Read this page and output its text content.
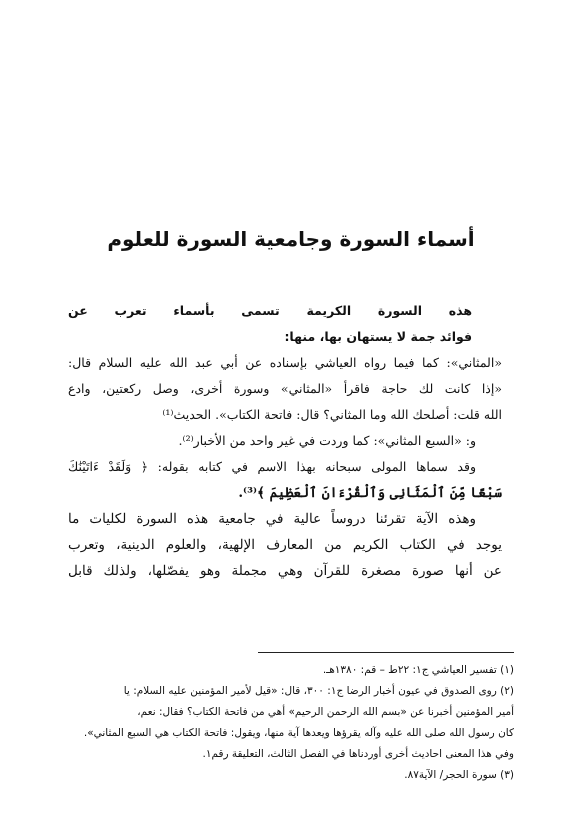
أسماء السورة وجامعية السورة للعلوم
هذه السورة الكريمة تسمى بأسماء تعرب عن
فوائد جمة لا يستهان بها، منها:
«المثاني»: كما فيما رواه العياشي بإسناده عن أبي عبد الله عليه السلام قال:
«إذا كانت لك حاجة فاقرأ «المثاني» وسورة أخرى، وصل ركعتين، وادع
الله قلت: أصلحك الله وما المثاني؟ قال: فاتحة الكتاب». الحديث⁽¹⁾
و: «السبع المثاني»: كما وردت في غير واحد من الأخبار⁽²⁾.
وقد سماها المولى سبحانه بهذا الاسم في كتابه بقوله: ﴿ وَلَقَدْ ءَاتَيْنَٰكَ
سَبْعًا مِّنَ ٱلْمَثَانِى وَٱلْقُرْءَانَ ٱلْعَظِيمَ ﴾⁽³⁾.
وهذه الآية تقرئنا دروساً عالية في جامعية هذه السورة لكليات ما
يوجد في الكتاب الكريم من المعارف الإلهية، والعلوم الدينية، وتعرب
عن أنها صورة مصغرة للقرآن وهي مجملة وهو يفصّلها، ولذلك قابل
(١) تفسير العياشي ج١: ٢٢ط – قم: ١٣٨٠هـ.
(٢) روى الصدوق في عيون أخبار الرضا ج١: ٣٠٠، قال: «قيل لأمير المؤمنين عليه السلام: يا
أمير المؤمنين أخبرنا عن «بسم الله الرحمن الرحيم» أهي من فاتحة الكتاب؟ فقال: نعم،
كان رسول الله صلى الله عليه وآله يقرؤها ويعدها آية منها، ويقول: فاتحة الكتاب هي السبع المثاني».
وفي هذا المعنى احاديث أخرى أوردناها في الفصل الثالث، التعليقة رقم١.
(٣) سورة الحجر/ الآية٨٧.
